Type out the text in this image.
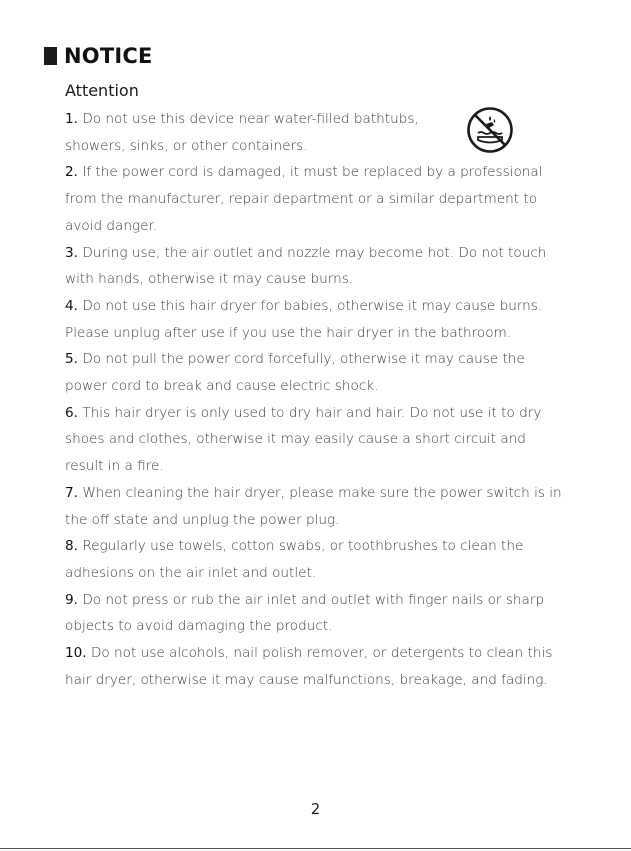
NOTICE
Attention

1. Do not use this device near water-filled bathtubs, showers, sinks, or other containers.

2. If the power cord is damaged, it must be replaced by a professional from the manufacturer, repair department or a similar department to avoid danger.

3. During use, the air outlet and nozzle may become hot. Do not touch with hands, otherwise it may cause burns.

4. Do not use this hair dryer for babies, otherwise it may cause burns. Please unplug after use if you use the hair dryer in the bathroom.

5. Do not pull the power cord forcefully, otherwise it may cause the power cord to break and cause electric shock.

6. This hair dryer is only used to dry hair and hair. Do not use it to dry shoes and clothes, otherwise it may easily cause a short circuit and result in a fire.

7. When cleaning the hair dryer, please make sure the power switch is in the off state and unplug the power plug.

8. Regularly use towels, cotton swabs, or toothbrushes to clean the adhesions on the air inlet and outlet.

9. Do not press or rub the air inlet and outlet with finger nails or sharp objects to avoid damaging the product.

10. Do not use alcohols, nail polish remover, or detergents to clean this hair dryer, otherwise it may cause malfunctions, breakage, and fading.

2
